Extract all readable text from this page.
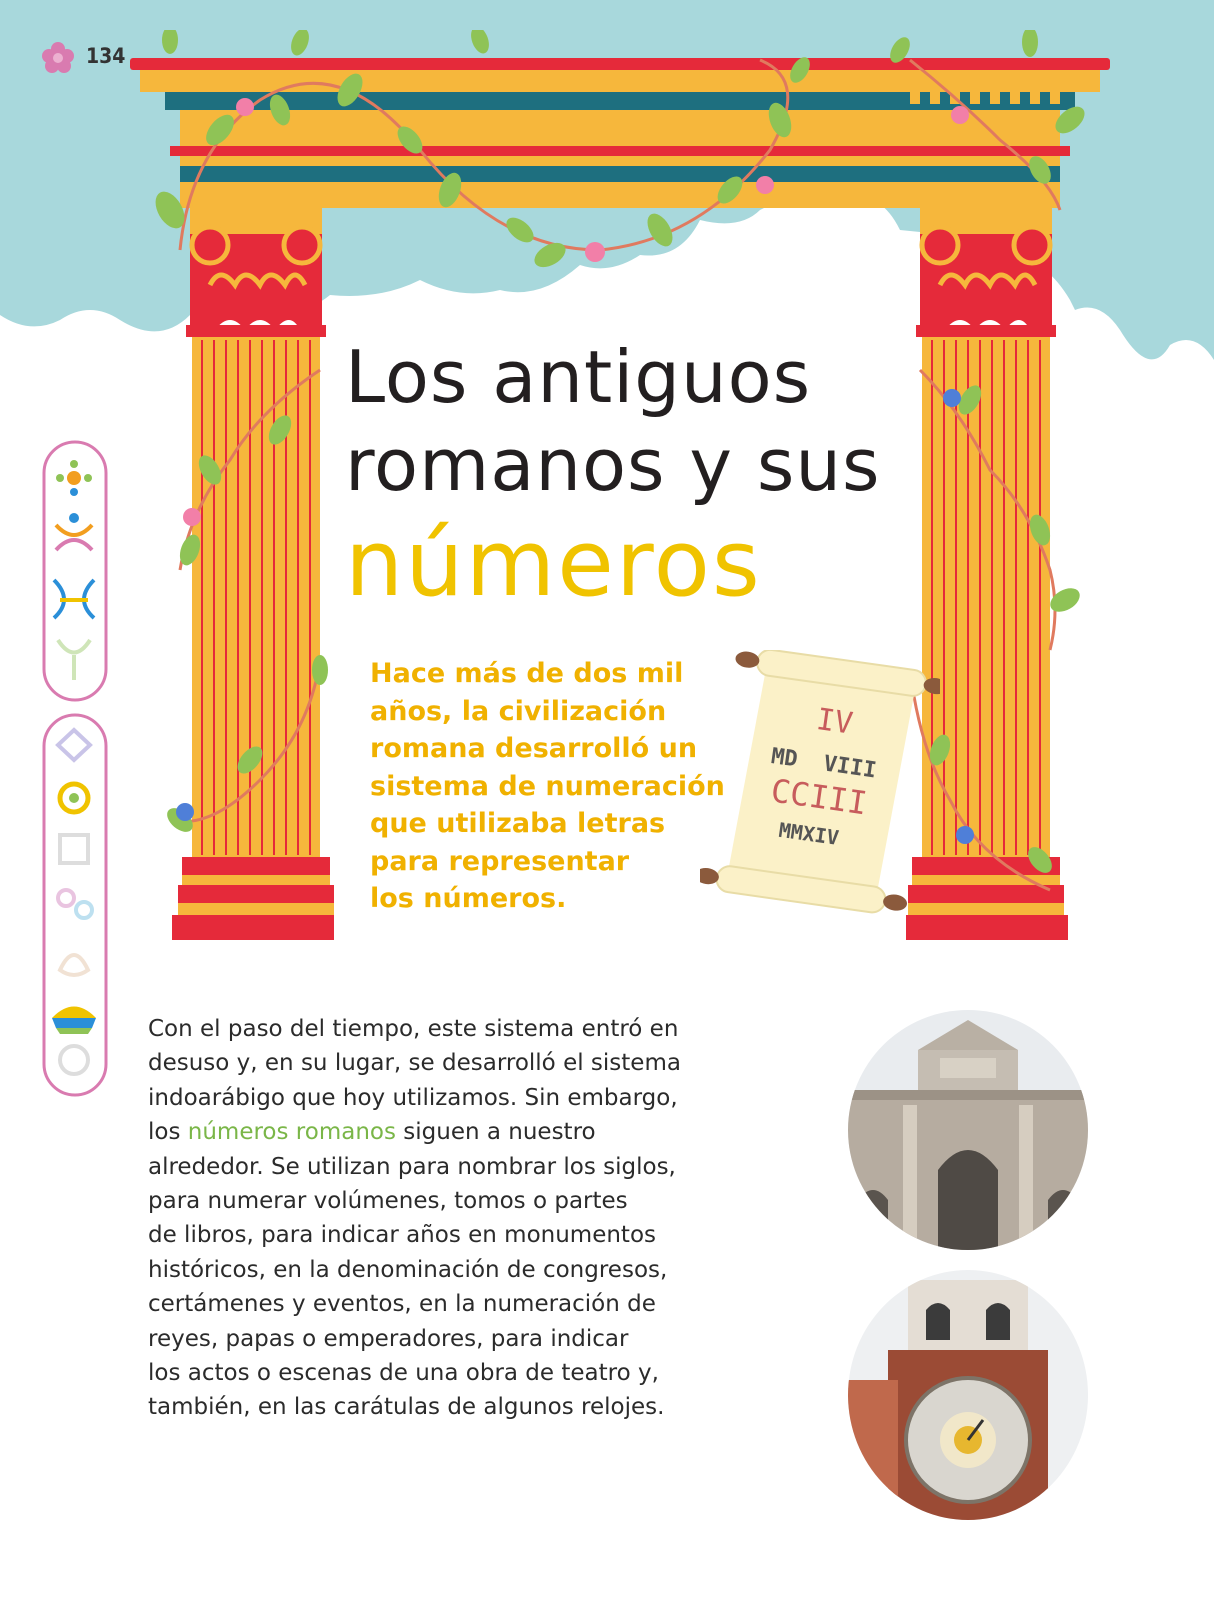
134
Los antiguos
romanos y sus
números
Hace más de dos mil
años, la civilización
romana desarrolló un
sistema de numeración
que utilizaba letras
para representar
los números.
IV
MD  VIII
CCIII
MMXIV
Con el paso del tiempo, este sistema entró en
desuso y, en su lugar, se desarrolló el sistema
indoarábigo que hoy utilizamos. Sin embargo,
los números romanos siguen a nuestro
alrededor. Se utilizan para nombrar los siglos,
para numerar volúmenes, tomos o partes
de libros, para indicar años en monumentos
históricos, en la denominación de congresos,
certámenes y eventos, en la numeración de
reyes, papas o emperadores, para indicar
los actos o escenas de una obra de teatro y,
también, en las carátulas de algunos relojes.
